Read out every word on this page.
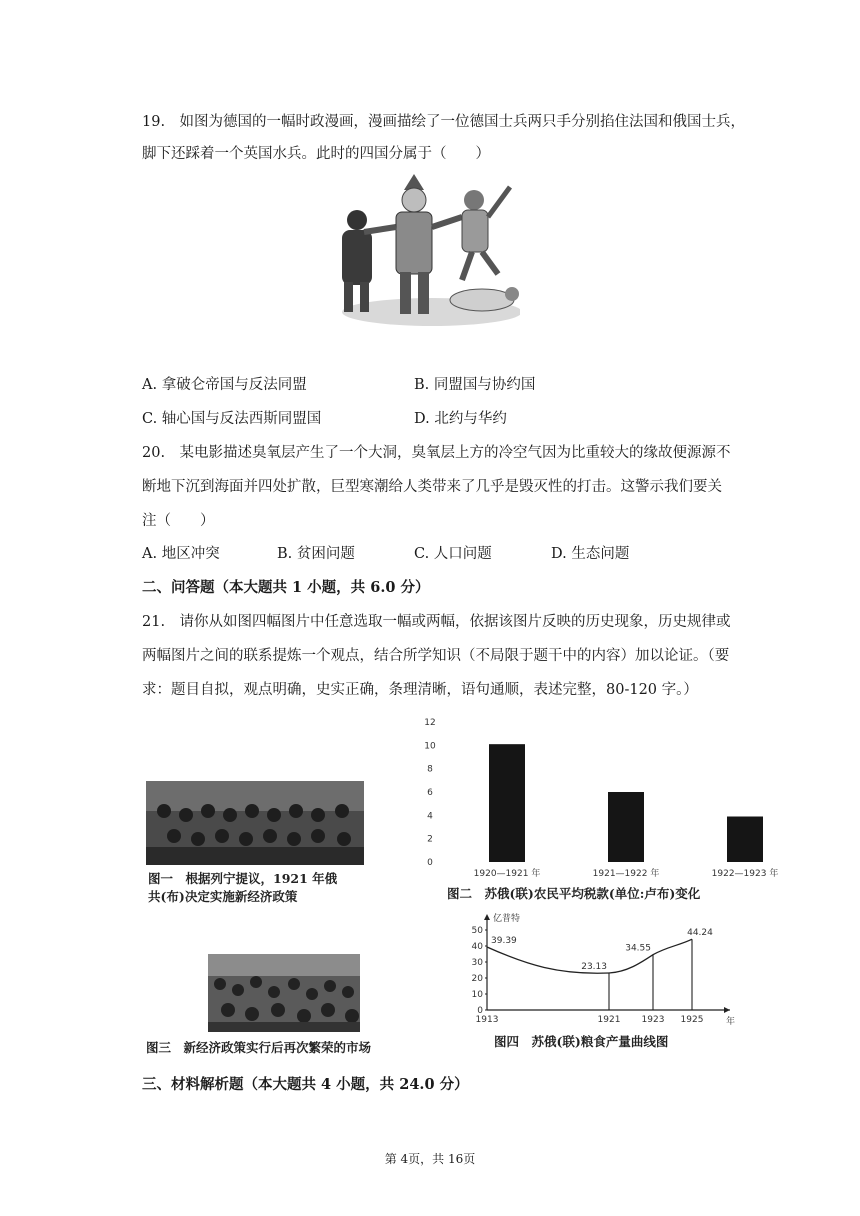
19.　如图为德国的一幅时政漫画，漫画描绘了一位德国士兵两只手分别掐住法国和俄国士兵，
脚下还踩着一个英国水兵。此时的四国分属于（　　）
A. 拿破仑帝国与反法同盟	B. 同盟国与协约国
C. 轴心国与反法西斯同盟国	D. 北约与华约
20.　某电影描述臭氧层产生了一个大洞，臭氧层上方的冷空气因为比重较大的缘故便源源不
断地下沉到海面并四处扩散，巨型寒潮给人类带来了几乎是毁灭性的打击。这警示我们要关
注（　　）
A. 地区冲突	B. 贫困问题	C. 人口问题	D. 生态问题
二、问答题（本大题共 1 小题，共 6.0 分）
21.　请你从如图四幅图片中任意选取一幅或两幅，依据该图片反映的历史现象，历史规律或
两幅图片之间的联系提炼一个观点，结合所学知识（不局限于题干中的内容）加以论证。（要
求：题目自拟，观点明确，史实正确，条理清晰，语句通顺，表述完整，80-120 字。）
图一　根据列宁提议，1921 年俄
共(布)决定实施新经济政策
0
2
4
6
8
10
12
1920—1921 年	1921—1922 年	1922—1923 年
图二　苏俄(联)农民平均税款(单位:卢布)变化
图三　新经济政策实行后再次繁荣的市场
亿普特
年
0
10
20
30
40
50
1913
39.39
1921
23.13
1923
34.55
1925
44.24
图四　苏俄(联)粮食产量曲线图
三、材料解析题（本大题共 4 小题，共 24.0 分）
第 4页，共 16页
